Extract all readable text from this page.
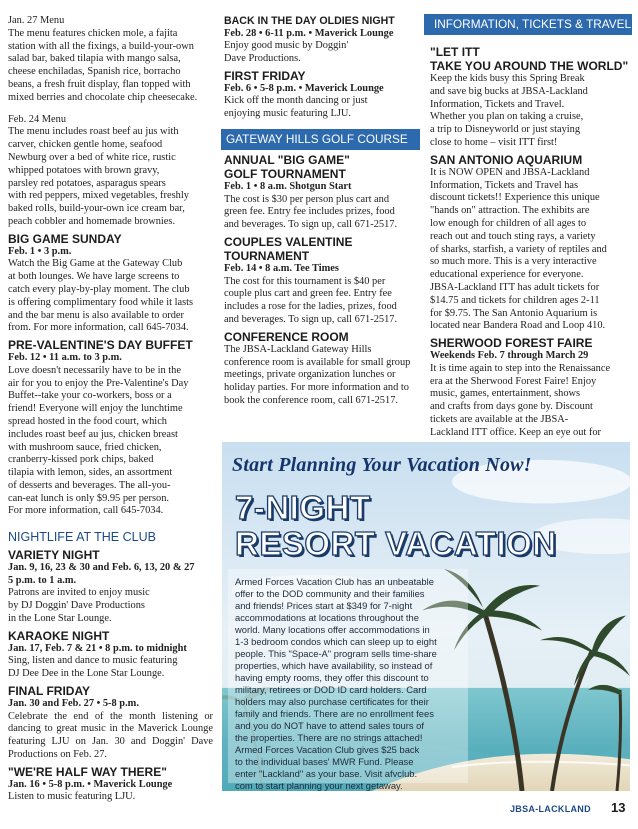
Jan. 27 Menu
The menu features chicken mole, a fajita
station with all the fixings, a build-your-own
salad bar, baked tilapia with mango salsa,
cheese enchiladas, Spanish rice, borracho
beans, a fresh fruit display, flan topped with
mixed berries and chocolate chip cheesecake.
Feb. 24 Menu
The menu includes roast beef au jus with
carver, chicken gentle home, seafood
Newburg over a bed of white rice, rustic
whipped potatoes with brown gravy,
parsley red potatoes, asparagus spears
with red peppers, mixed vegetables, freshly
baked rolls, build-your-own ice cream bar,
peach cobbler and homemade brownies.
BIG GAME SUNDAY
Feb. 1 • 3 p.m.
Watch the Big Game at the Gateway Club
at both lounges. We have large screens to
catch every play-by-play moment. The club
is offering complimentary food while it lasts
and the bar menu is also available to order
from. For more information, call 645-7034.
PRE-VALENTINE'S DAY BUFFET
Feb. 12 • 11 a.m. to 3 p.m.
Love doesn't necessarily have to be in the
air for you to enjoy the Pre-Valentine's Day
Buffet--take your co-workers, boss or a
friend! Everyone will enjoy the lunchtime
spread hosted in the food court, which
includes roast beef au jus, chicken breast
with mushroom sauce, fried chicken,
cranberry-kissed pork chips, baked
tilapia with lemon, sides, an assortment
of desserts and beverages. The all-you-
can-eat lunch is only $9.95 per person.
For more information, call 645-7034.
NIGHTLIFE AT THE CLUB
VARIETY NIGHT
Jan. 9, 16, 23 & 30 and Feb. 6, 13, 20 & 27
5 p.m. to 1 a.m.
Patrons are invited to enjoy music
by DJ Doggin' Dave Productions
in the Lone Star Lounge.
KARAOKE NIGHT
Jan. 17, Feb. 7 & 21 • 8 p.m. to midnight
Sing, listen and dance to music featuring
DJ Dee Dee in the Lone Star Lounge.
FINAL FRIDAY
Jan. 30 and Feb. 27 • 5-8 p.m.
Celebrate the end of the month listening or dancing to great music in the Maverick Lounge featuring LJU on Jan. 30 and Doggin' Dave Productions on Feb. 27.
"WE'RE HALF WAY THERE"
Jan. 16 • 5-8 p.m. • Maverick Lounge
Listen to music featuring LJU.
BACK IN THE DAY OLDIES NIGHT
Feb. 28 • 6-11 p.m. • Maverick Lounge
Enjoy good music by Doggin'
Dave Productions.
FIRST FRIDAY
Feb. 6 • 5-8 p.m. • Maverick Lounge
Kick off the month dancing or just
enjoying music featuring LJU.
GATEWAY HILLS GOLF COURSE
ANNUAL "BIG GAME"
GOLF TOURNAMENT
Feb. 1 • 8 a.m. Shotgun Start
The cost is $30 per person plus cart and
green fee. Entry fee includes prizes, food
and beverages. To sign up, call 671-2517.
COUPLES VALENTINE
TOURNAMENT
Feb. 14 • 8 a.m. Tee Times
The cost for this tournament is $40 per
couple plus cart and green fee. Entry fee
includes a rose for the ladies, prizes, food
and beverages. To sign up, call 671-2517.
CONFERENCE ROOM
The JBSA-Lackland Gateway Hills
conference room is available for small group
meetings, private organization lunches or
holiday parties. For more information and to
book the conference room, call 671-2517.
INFORMATION, TICKETS & TRAVEL
"LET ITT
TAKE YOU AROUND THE WORLD"
Keep the kids busy this Spring Break
and save big bucks at JBSA-Lackland
Information, Tickets and Travel.
Whether you plan on taking a cruise,
a trip to Disneyworld or just staying
close to home – visit ITT first!
SAN ANTONIO AQUARIUM
It is NOW OPEN and JBSA-Lackland
Information, Tickets and Travel has
discount tickets!! Experience this unique
"hands on" attraction. The exhibits are
low enough for children of all ages to
reach out and touch sting rays, a variety
of sharks, starfish, a variety of reptiles and
so much more. This is a very interactive
educational experience for everyone.
JBSA-Lackland ITT has adult tickets for
$14.75 and tickets for children ages 2-11
for $9.75. The San Antonio Aquarium is
located near Bandera Road and Loop 410.
SHERWOOD FOREST FAIRE
Weekends Feb. 7 through March 29
It is time again to step into the Renaissance
era at the Sherwood Forest Faire! Enjoy
music, games, entertainment, shows
and crafts from days gone by. Discount
tickets are available at the JBSA-
Lackland ITT office. Keep an eye out for

Start Planning Your Vacation Now!
7-NIGHT
RESORT VACATION
Armed Forces Vacation Club has an unbeatable
offer to the DOD community and their families
and friends! Prices start at $349 for 7-night
accommodations at locations throughout the
world. Many locations offer accommodations in
1-3 bedroom condos which can sleep up to eight
people. This "Space-A" program sells time-share
properties, which have availability, so instead of
having empty rooms, they offer this discount to
military, retirees or DOD ID card holders. Card
holders may also purchase certificates for their
family and friends. There are no enrollment fees
and you do NOT have to attend sales tours of
the properties. There are no strings attached!
Armed Forces Vacation Club gives $25 back
to the individual bases' MWR Fund. Please
enter "Lackland" as your base. Visit afvclub.
com to start planning your next getaway.
JBSA-LACKLAND 13
